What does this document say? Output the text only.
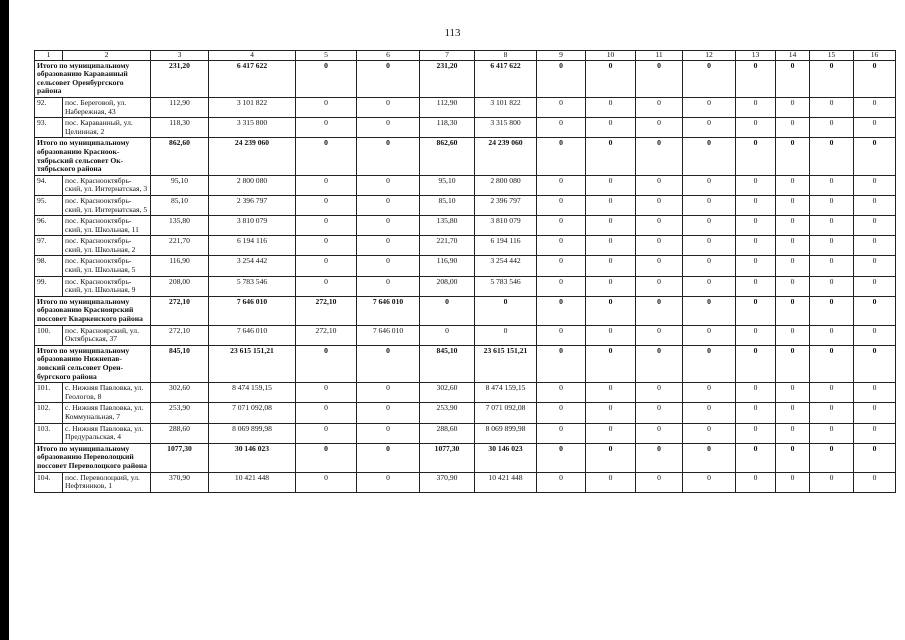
113
1	2	3	4	5	6	7	8	9	10	11	12	13	14	15	16
Итого по муниципальному образованию Караванный сельсовет Оренбургского района		231,20	6 417 622	0	0	231,20	6 417 622	0	0	0	0	0	0	0	0
92.	пос. Береговой, ул. Набережная, 43	112,90	3 101 822	0	0	112,90	3 101 822	0	0	0	0	0	0	0	0
93.	пос. Караванный, ул. Целинная, 2	118,30	3 315 800	0	0	118,30	3 315 800	0	0	0	0	0	0	0	0
Итого по муниципальному образованию Красноок-тябрьский сельсовет Ок-тябрьского района		862,60	24 239 060	0	0	862,60	24 239 060	0	0	0	0	0	0	0	0
94.	пос. Краснооктябрь-ский, ул. Интернатская, 3	95,10	2 800 080	0	0	95,10	2 800 080	0	0	0	0	0	0	0	0
95.	пос. Краснооктябрь-ский, ул. Интернатская, 5	85,10	2 396 797	0	0	85,10	2 396 797	0	0	0	0	0	0	0	0
96.	пос. Краснооктябрь-ский, ул. Школьная, 11	135,80	3 810 079	0	0	135,80	3 810 079	0	0	0	0	0	0	0	0
97.	пос. Краснооктябрь-ский, ул. Школьная, 2	221,70	6 194 116	0	0	221,70	6 194 116	0	0	0	0	0	0	0	0
98.	пос. Краснооктябрь-ский, ул. Школьная, 5	116,90	3 254 442	0	0	116,90	3 254 442	0	0	0	0	0	0	0	0
99.	пос. Краснооктябрь-ский, ул. Школьная, 9	208,00	5 783 546	0	0	208,00	5 783 546	0	0	0	0	0	0	0	0
Итого по муниципальному образованию Красноярский поссовет Кваркенского района		272,10	7 646 010	272,10	7 646 010	0	0	0	0	0	0	0	0	0	0
100.	пос. Красноярский, ул. Октябрьская, 37	272,10	7 646 010	272,10	7 646 010	0	0	0	0	0	0	0	0	0	0
Итого по муниципальному образованию Нижнепав-ловский сельсовет Орен-бургского района		845,10	23 615 151,21	0	0	845,10	23 615 151,21	0	0	0	0	0	0	0	0
101.	с. Нижняя Павловка, ул. Геологов, 8	302,60	8 474 159,15	0	0	302,60	8 474 159,15	0	0	0	0	0	0	0	0
102.	с. Нижняя Павловка, ул. Коммунальная, 7	253,90	7 071 092,08	0	0	253,90	7 071 092,08	0	0	0	0	0	0	0	0
103.	с. Нижняя Павловка, ул. Предуральская, 4	288,60	8 069 899,98	0	0	288,60	8 069 899,98	0	0	0	0	0	0	0	0
Итого по муниципальному образованию Переволоцкий поссовет Переволоцкого района		1077,30	30 146 023	0	0	1077,30	30 146 023	0	0	0	0	0	0	0	0
104.	пос. Переволоцкий, ул. Нефтяников, 1	370,90	10 421 448	0	0	370,90	10 421 448	0	0	0	0	0	0	0	0
